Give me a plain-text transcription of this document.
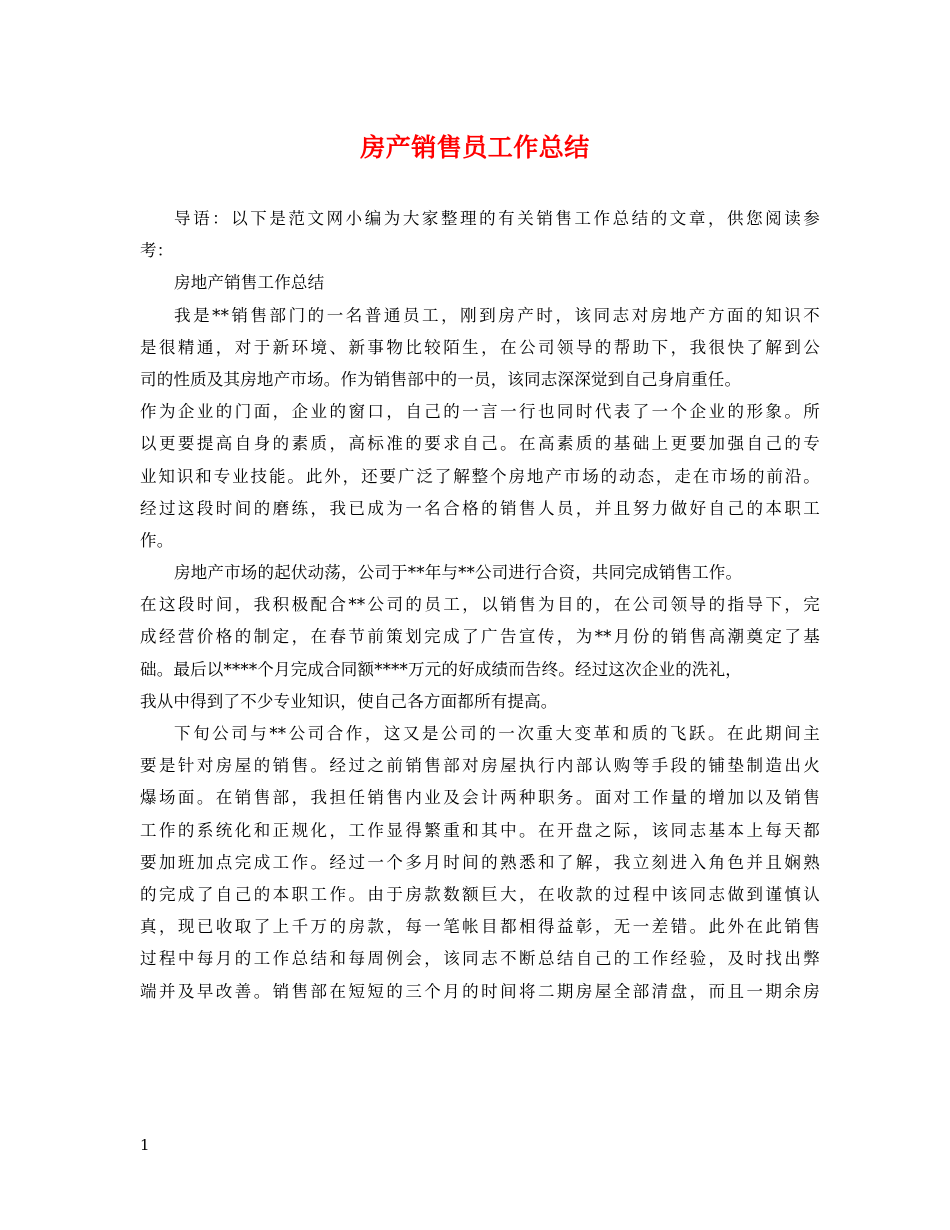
房产销售员工作总结
导语：以下是范文网小编为大家整理的有关销售工作总结的文章，供您阅读参
考：
房地产销售工作总结
我是**销售部门的一名普通员工，刚到房产时，该同志对房地产方面的知识不
是很精通，对于新环境、新事物比较陌生，在公司领导的帮助下，我很快了解到公
司的性质及其房地产市场。作为销售部中的一员，该同志深深觉到自己身肩重任。
作为企业的门面，企业的窗口，自己的一言一行也同时代表了一个企业的形象。所
以更要提高自身的素质，高标准的要求自己。在高素质的基础上更要加强自己的专
业知识和专业技能。此外，还要广泛了解整个房地产市场的动态，走在市场的前沿。
经过这段时间的磨练，我已成为一名合格的销售人员，并且努力做好自己的本职工
作。
房地产市场的起伏动荡，公司于**年与**公司进行合资，共同完成销售工作。
在这段时间，我积极配合**公司的员工，以销售为目的，在公司领导的指导下，完
成经营价格的制定，在春节前策划完成了广告宣传，为**月份的销售高潮奠定了基
础。最后以****个月完成合同额****万元的好成绩而告终。经过这次企业的洗礼，
我从中得到了不少专业知识，使自己各方面都所有提高。
下旬公司与**公司合作，这又是公司的一次重大变革和质的飞跃。在此期间主
要是针对房屋的销售。经过之前销售部对房屋执行内部认购等手段的铺垫制造出火
爆场面。在销售部，我担任销售内业及会计两种职务。面对工作量的增加以及销售
工作的系统化和正规化，工作显得繁重和其中。在开盘之际，该同志基本上每天都
要加班加点完成工作。经过一个多月时间的熟悉和了解，我立刻进入角色并且娴熟
的完成了自己的本职工作。由于房款数额巨大，在收款的过程中该同志做到谨慎认
真，现已收取了上千万的房款，每一笔帐目都相得益彰，无一差错。此外在此销售
过程中每月的工作总结和每周例会，该同志不断总结自己的工作经验，及时找出弊
端并及早改善。销售部在短短的三个月的时间将二期房屋全部清盘，而且一期余房
1
